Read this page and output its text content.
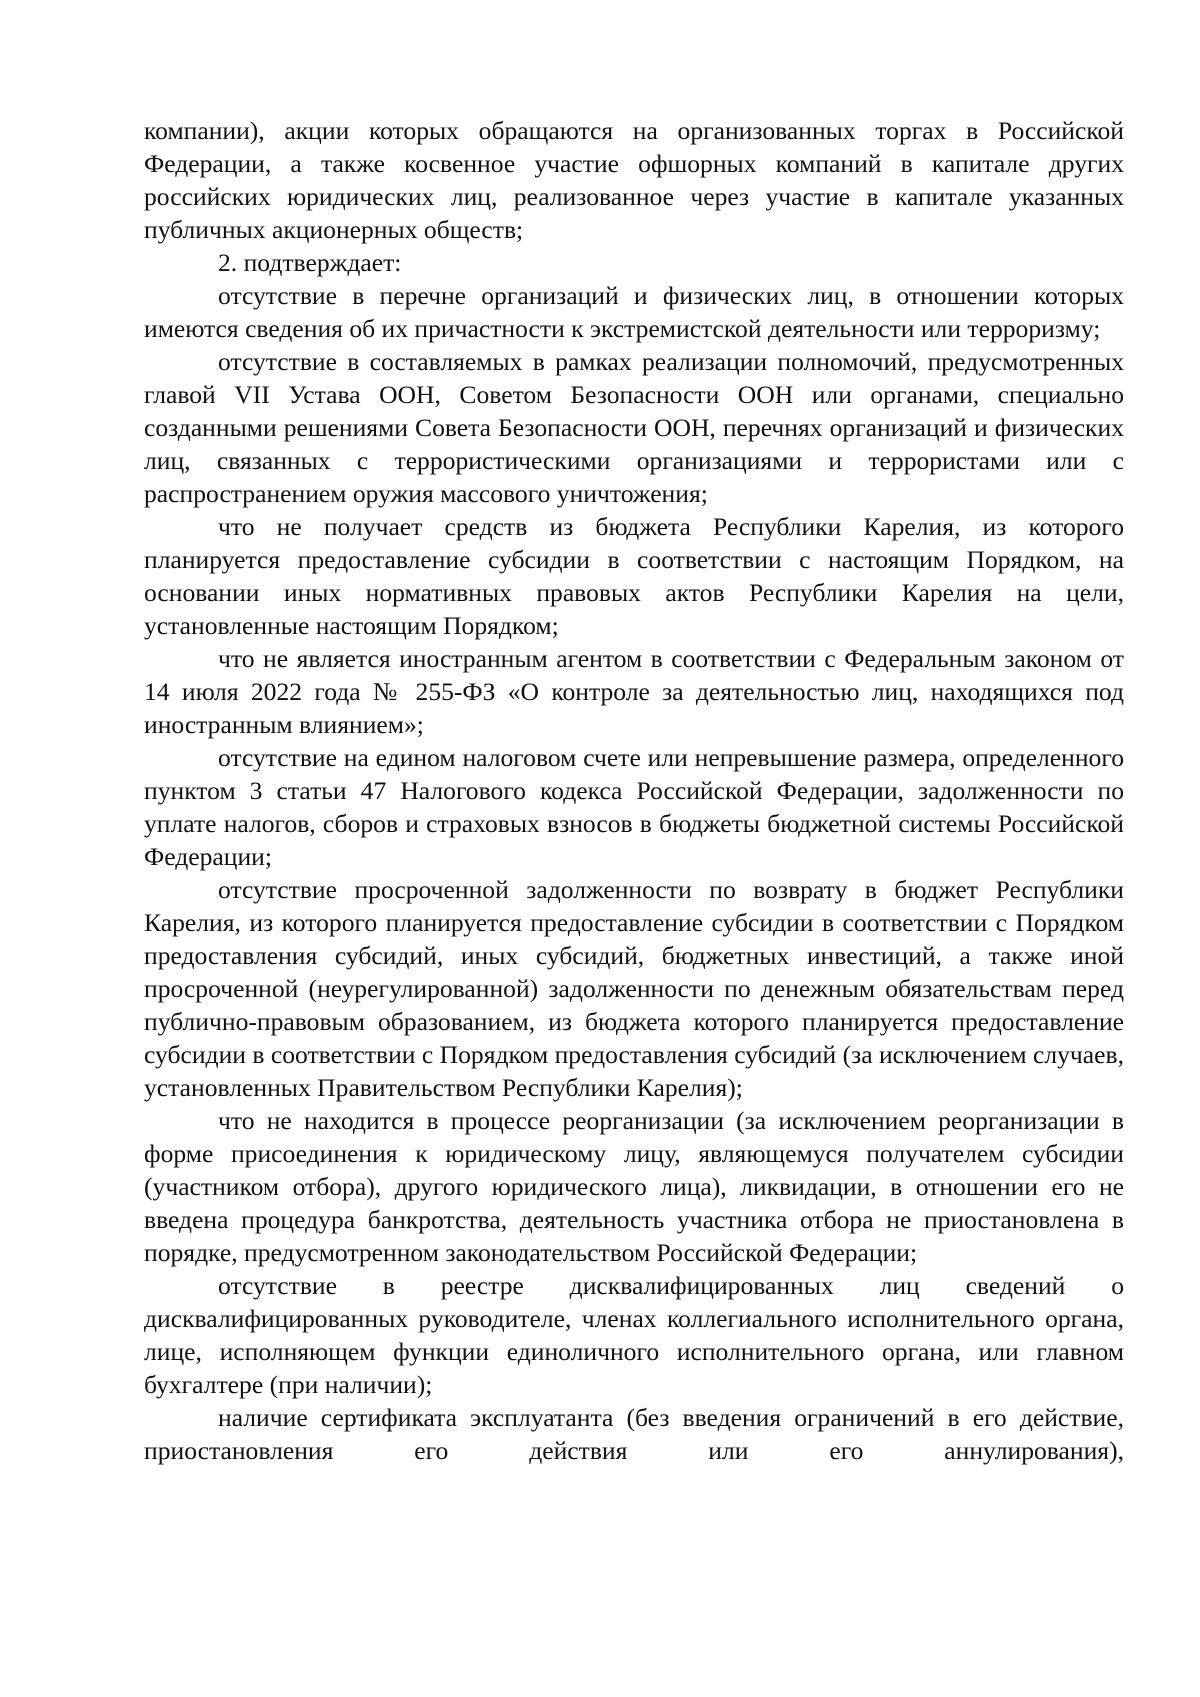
компании), акции которых обращаются на организованных торгах в Российской Федерации, а также косвенное участие офшорных компаний в капитале других российских юридических лиц, реализованное через участие в капитале указанных публичных акционерных обществ;

2. подтверждает:

отсутствие в перечне организаций и физических лиц, в отношении которых имеются сведения об их причастности к экстремистской деятельности или терроризму;

отсутствие в составляемых в рамках реализации полномочий, предусмотренных главой VII Устава ООН, Советом Безопасности ООН или органами, специально созданными решениями Совета Безопасности ООН, перечнях организаций и физических лиц, связанных с террористическими организациями и террористами или с распространением оружия массового уничтожения;

что не получает средств из бюджета Республики Карелия, из которого планируется предоставление субсидии в соответствии с настоящим Порядком, на основании иных нормативных правовых актов Республики Карелия на цели, установленные настоящим Порядком;

что не является иностранным агентом в соответствии с Федеральным законом от 14 июля 2022 года № 255-ФЗ «О контроле за деятельностью лиц, находящихся под иностранным влиянием»;

отсутствие на едином налоговом счете или непревышение размера, определенного пунктом 3 статьи 47 Налогового кодекса Российской Федерации, задолженности по уплате налогов, сборов и страховых взносов в бюджеты бюджетной системы Российской Федерации;

отсутствие просроченной задолженности по возврату в бюджет Республики Карелия, из которого планируется предоставление субсидии в соответствии с Порядком предоставления субсидий, иных субсидий, бюджетных инвестиций, а также иной просроченной (неурегулированной) задолженности по денежным обязательствам перед публично-правовым образованием, из бюджета которого планируется предоставление субсидии в соответствии с Порядком предоставления субсидий (за исключением случаев, установленных Правительством Республики Карелия);

что не находится в процессе реорганизации (за исключением реорганизации в форме присоединения к юридическому лицу, являющемуся получателем субсидии (участником отбора), другого юридического лица), ликвидации, в отношении его не введена процедура банкротства, деятельность участника отбора не приостановлена в порядке, предусмотренном законодательством Российской Федерации;

отсутствие в реестре дисквалифицированных лиц сведений о дисквалифицированных руководителе, членах коллегиального исполнительного органа, лице, исполняющем функции единоличного исполнительного органа, или главном бухгалтере (при наличии);

наличие сертификата эксплуатанта (без введения ограничений в его действие, приостановления его действия или его аннулирования),
